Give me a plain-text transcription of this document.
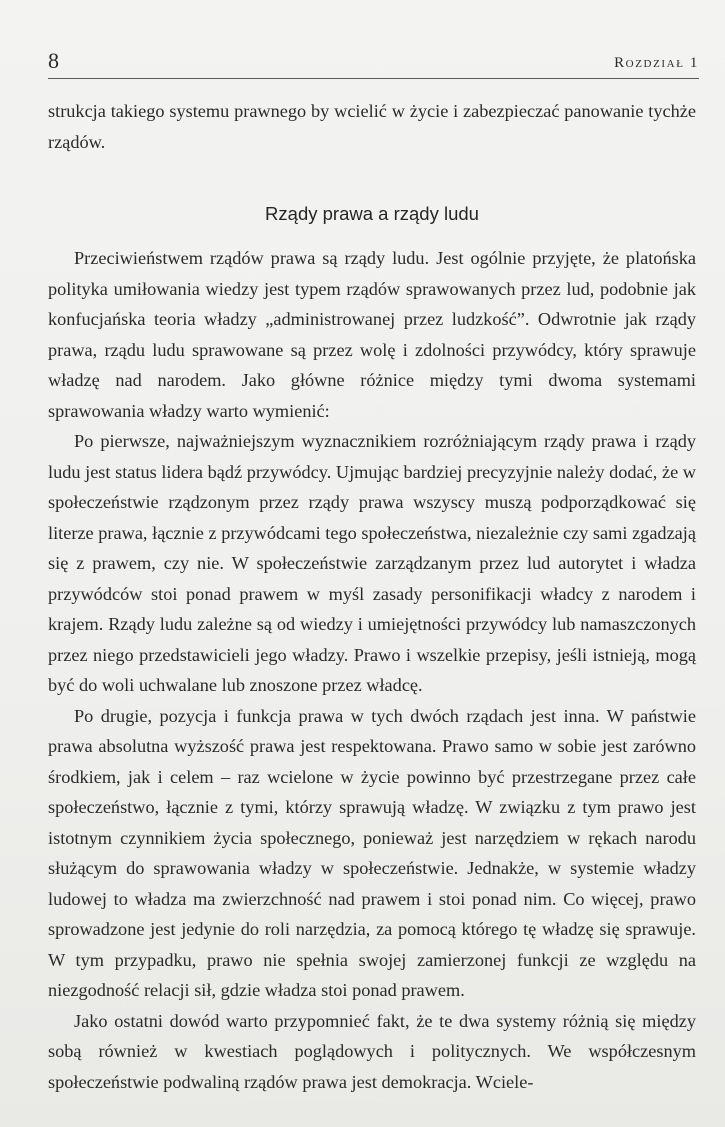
8	Rozdział 1

strukcja takiego systemu prawnego by wcielić w życie i zabezpieczać panowanie tychże rządów.

Rządy prawa a rządy ludu

Przeciwieństwem rządów prawa są rządy ludu. Jest ogólnie przyjęte, że platońska polityka umiłowania wiedzy jest typem rządów sprawowanych przez lud, podobnie jak konfucjańska teoria władzy „administrowanej przez ludzkość”. Odwrotnie jak rządy prawa, rządu ludu sprawowane są przez wolę i zdolności przywódcy, który sprawuje władzę nad narodem. Jako główne różnice między tymi dwoma systemami sprawowania władzy warto wymienić:

Po pierwsze, najważniejszym wyznacznikiem rozróżniającym rządy prawa i rządy ludu jest status lidera bądź przywódcy. Ujmując bardziej precyzyjnie należy dodać, że w społeczeństwie rządzonym przez rządy prawa wszyscy muszą podporządkować się literze prawa, łącznie z przywódcami tego społeczeństwa, niezależnie czy sami zgadzają się z prawem, czy nie. W społeczeństwie zarządzanym przez lud autorytet i władza przywódców stoi ponad prawem w myśl zasady personifikacji władcy z narodem i krajem. Rządy ludu zależne są od wiedzy i umiejętności przywódcy lub namaszczonych przez niego przedstawicieli jego władzy. Prawo i wszelkie przepisy, jeśli istnieją, mogą być do woli uchwalane lub znoszone przez władcę.

Po drugie, pozycja i funkcja prawa w tych dwóch rządach jest inna. W państwie prawa absolutna wyższość prawa jest respektowana. Prawo samo w sobie jest zarówno środkiem, jak i celem – raz wcielone w życie powinno być przestrzegane przez całe społeczeństwo, łącznie z tymi, którzy sprawują władzę. W związku z tym prawo jest istotnym czynnikiem życia społecznego, ponieważ jest narzędziem w rękach narodu służącym do sprawowania władzy w społeczeństwie. Jednakże, w systemie władzy ludowej to władza ma zwierzchność nad prawem i stoi ponad nim. Co więcej, prawo sprowadzone jest jedynie do roli narzędzia, za pomocą którego tę władzę się sprawuje. W tym przypadku, prawo nie spełnia swojej zamierzonej funkcji ze względu na niezgodność relacji sił, gdzie władza stoi ponad prawem.

Jako ostatni dowód warto przypomnieć fakt, że te dwa systemy różnią się między sobą również w kwestiach poglądowych i politycznych. We współczesnym społeczeństwie podwaliną rządów prawa jest demokracja. Wciele-
